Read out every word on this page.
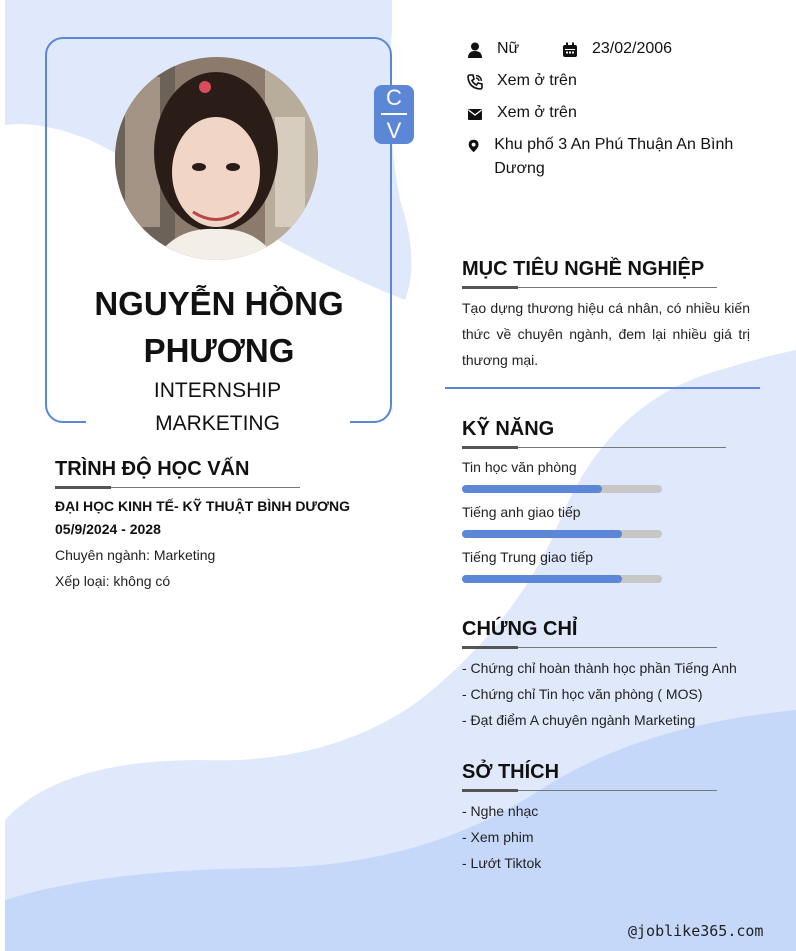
C
V
NGUYỄN HỒNG PHƯƠNG
INTERNSHIP MARKETING
Nữ	23/02/2006
Xem ở trên
Xem ở trên
Khu phố 3 An Phú Thuận An Bình Dương
TRÌNH ĐỘ HỌC VẤN
ĐẠI HỌC KINH TẾ- KỸ THUẬT BÌNH DƯƠNG
05/9/2024 - 2028
Chuyên ngành: Marketing
Xếp loại: không có
MỤC TIÊU NGHỀ NGHIỆP
Tạo dựng thương hiệu cá nhân, có nhiều kiến thức về chuyên ngành, đem lại nhiều giá trị thương mại.
KỸ NĂNG
Tin học văn phòng
Tiếng anh giao tiếp
Tiếng Trung giao tiếp
CHỨNG CHỈ
- Chứng chỉ hoàn thành học phần Tiếng Anh
- Chứng chỉ Tin học văn phòng ( MOS)
- Đạt điểm A chuyên ngành Marketing
SỞ THÍCH
- Nghe nhạc
- Xem phim
- Lướt Tiktok
@joblike365.com
